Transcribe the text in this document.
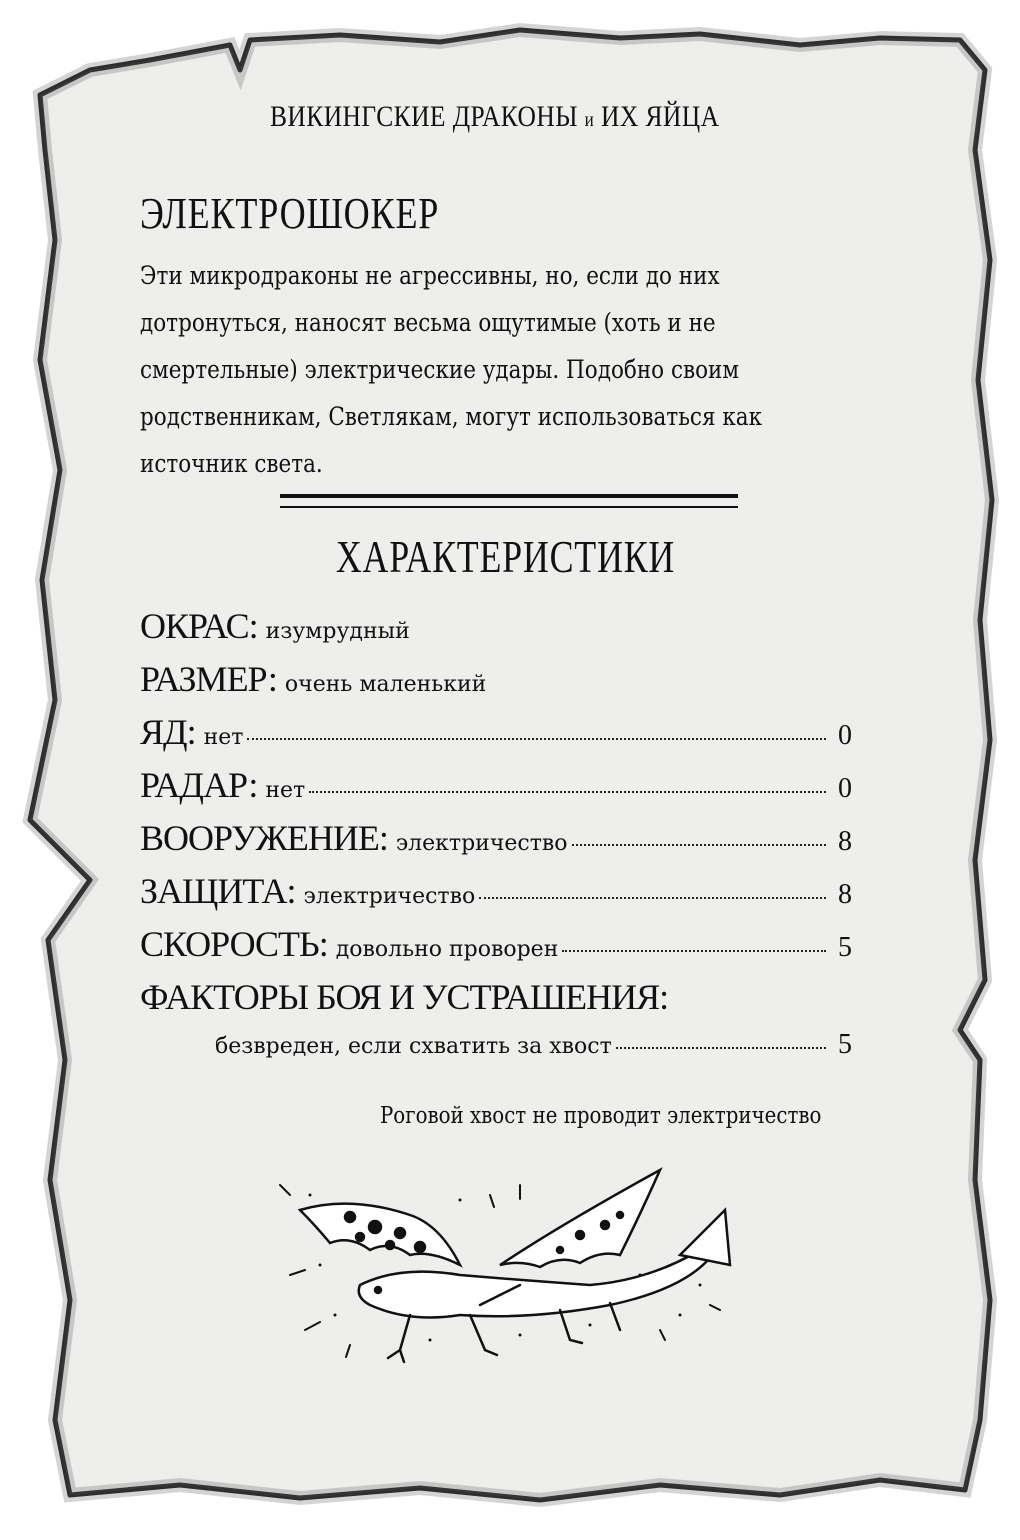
ВИКИНГСКИЕ ДРАКОНЫ и ИХ ЯЙЦА
ЭЛЕКТРОШОКЕР
Эти микродраконы не агрессивны, но, если до них дотронуться, наносят весьма ощутимые (хоть и не смертельные) электрические удары. Подобно своим родственникам, Светлякам, могут использоваться как источник света.
ХАРАКТЕРИСТИКИ
ОКРАС: изумрудный
РАЗМЕР: очень маленький
ЯД: нет	0
РАДАР: нет	0
ВООРУЖЕНИЕ: электричество	8
ЗАЩИТА: электричество	8
СКОРОСТЬ: довольно проворен	5
ФАКТОРЫ БОЯ И УСТРАШЕНИЯ:
безвреден, если схватить за хвост	5
Роговой хвост не проводит электричество
